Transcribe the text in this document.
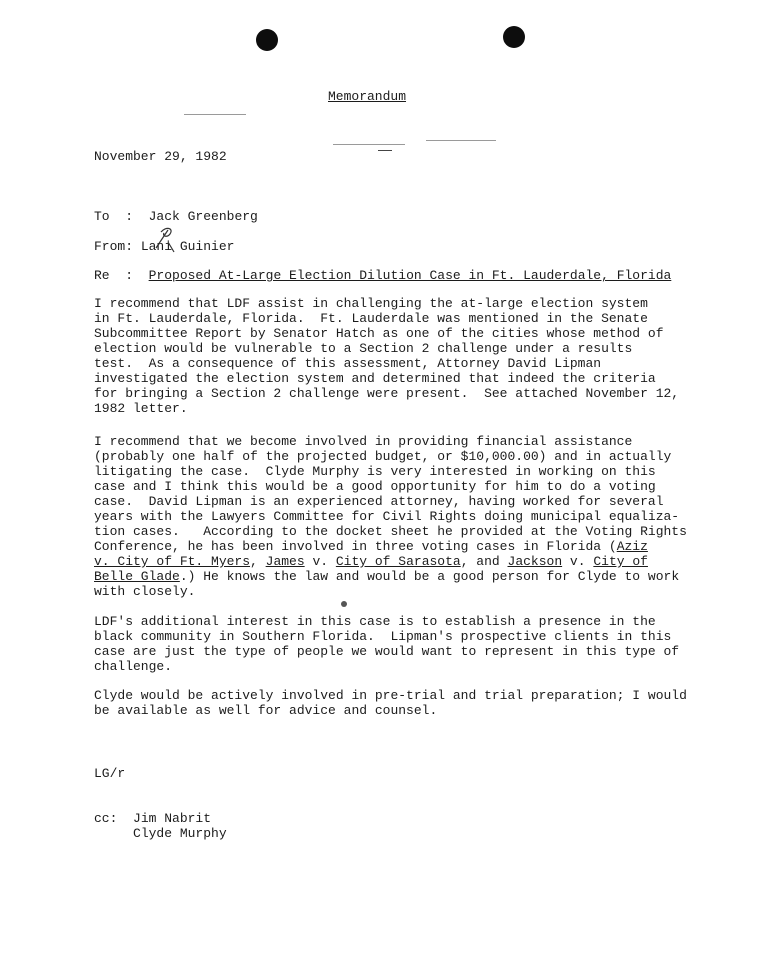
Memorandum
November 29, 1982
To  :  Jack Greenberg
From: Lani Guinier
Re  :  Proposed At-Large Election Dilution Case in Ft. Lauderdale, Florida
I recommend that LDF assist in challenging the at-large election system
in Ft. Lauderdale, Florida.  Ft. Lauderdale was mentioned in the Senate
Subcommittee Report by Senator Hatch as one of the cities whose method of
election would be vulnerable to a Section 2 challenge under a results
test.  As a consequence of this assessment, Attorney David Lipman
investigated the election system and determined that indeed the criteria
for bringing a Section 2 challenge were present.  See attached November 12,
1982 letter.
I recommend that we become involved in providing financial assistance
(probably one half of the projected budget, or $10,000.00) and in actually
litigating the case.  Clyde Murphy is very interested in working on this
case and I think this would be a good opportunity for him to do a voting
case.  David Lipman is an experienced attorney, having worked for several
years with the Lawyers Committee for Civil Rights doing municipal equaliza-
tion cases.   According to the docket sheet he provided at the Voting Rights
Conference, he has been involved in three voting cases in Florida (Aziz
v. City of Ft. Myers, James v. City of Sarasota, and Jackson v. City of
Belle Glade.) He knows the law and would be a good person for Clyde to work
with closely.
LDF's additional interest in this case is to establish a presence in the
black community in Southern Florida.  Lipman's prospective clients in this
case are just the type of people we would want to represent in this type of
challenge.
Clyde would be actively involved in pre-trial and trial preparation; I would
be available as well for advice and counsel.
LG/r
cc: Jim Nabrit
Clyde Murphy
